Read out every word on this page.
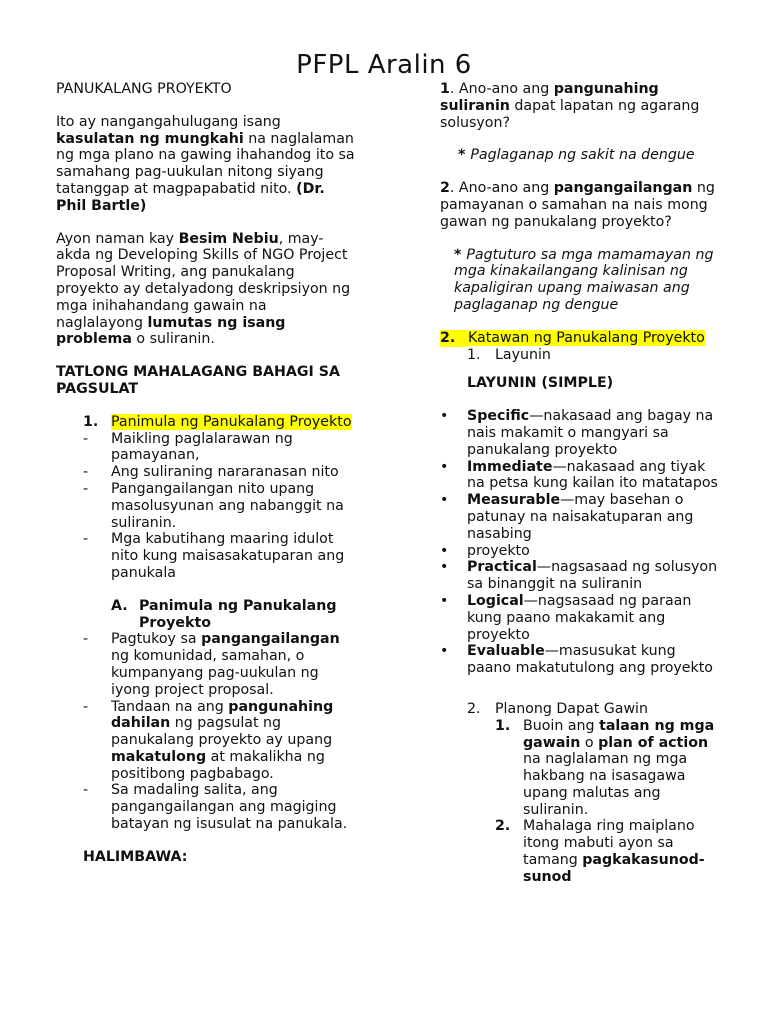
PFPL Aralin 6

PANUKALANG PROYEKTO

Ito ay nangangahulugang isang kasulatan ng mungkahi na naglalaman ng mga plano na gawing ihahandog ito sa samahang pag-uukulan nitong siyang tatanggap at magpapabatid nito. (Dr. Phil Bartle)

Ayon naman kay Besim Nebiu, may-akda ng Developing Skills of NGO Project Proposal Writing, ang panukalang proyekto ay detalyadong deskripsiyon ng mga inihahandang gawain na naglalayong lumutas ng isang problema o suliranin.

TATLONG MAHALAGANG BAHAGI SA PAGSULAT

1. Panimula ng Panukalang Proyekto
-	Maikling paglalarawan ng pamayanan,
-	Ang suliraning nararanasan nito
-	Pangangailangan nito upang masolusyunan ang nabanggit na suliranin.
-	Mga kabutihang maaring idulot nito kung maisasakatuparan ang panukala
A. Panimula ng Panukalang Proyekto
-	Pagtukoy sa pangangailangan ng komunidad, samahan, o kumpanyang pag-uukulan ng iyong project proposal.
-	Tandaan na ang pangunahing dahilan ng pagsulat ng panukalang proyekto ay upang makatulong at makalikha ng positibong pagbabago.
-	Sa madaling salita, ang pangangailangan ang magiging batayan ng isusulat na panukala.

HALIMBAWA:

1. Ano-ano ang pangunahing suliranin dapat lapatan ng agarang solusyon?

* Paglaganap ng sakit na dengue

2. Ano-ano ang pangangailangan ng pamayanan o samahan na nais mong gawan ng panukalang proyekto?

* Pagtuturo sa mga mamamayan ng mga kinakailangang kalinisan ng kapaligiran upang maiwasan ang paglaganap ng dengue

2. Katawan ng Panukalang Proyekto
1.	Layunin

LAYUNIN (SIMPLE)

•	Specific—nakasaad ang bagay na nais makamit o mangyari sa panukalang proyekto
•	Immediate—nakasaad ang tiyak na petsa kung kailan ito matatapos
•	Measurable—may basehan o patunay na naisakatuparan ang nasabing
•	proyekto
•	Practical—nagsasaad ng solusyon sa binanggit na suliranin
•	Logical—nagsasaad ng paraan kung paano makakamit ang proyekto
•	Evaluable—masusukat kung paano makatutulong ang proyekto
2.	Planong Dapat Gawin
1. Buoin ang talaan ng mga gawain o plan of action na naglalaman ng mga hakbang na isasagawa upang malutas ang suliranin.
2. Mahalaga ring maiplano itong mabuti ayon sa tamang pagkakasunod-sunod
